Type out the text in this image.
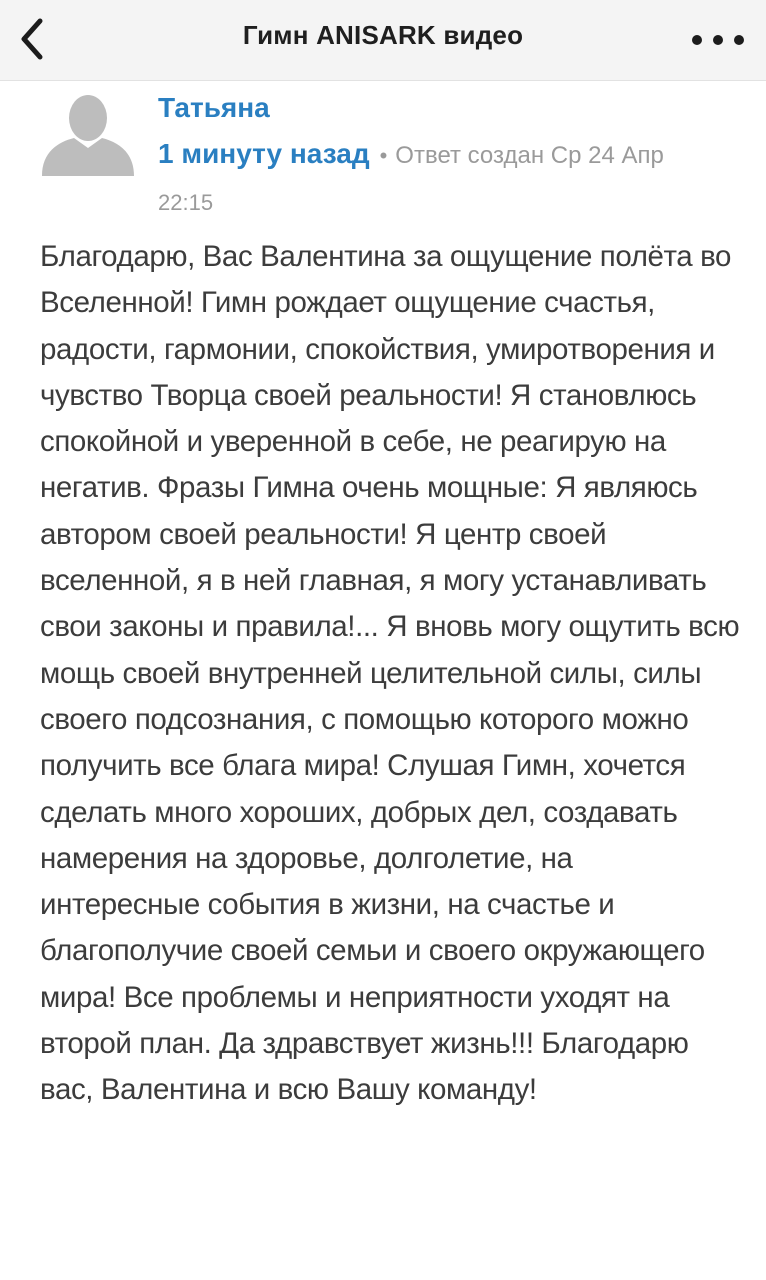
Гимн ANISARK видео
Татьяна
1 минуту назад • Ответ создан Ср 24 Апр
22:15
Благодарю, Вас Валентина за ощущение полёта во Вселенной! Гимн рождает ощущение счастья, радости, гармонии, спокойствия, умиротворения и чувство Творца своей реальности! Я становлюсь спокойной и уверенной в себе, не реагирую на негатив. Фразы Гимна очень мощные: Я являюсь автором своей реальности! Я центр своей вселенной, я в ней главная, я могу устанавливать свои законы и правила!... Я вновь могу ощутить всю мощь своей внутренней целительной силы, силы своего подсознания, с помощью которого можно получить все блага мира! Слушая Гимн, хочется сделать много хороших, добрых дел, создавать намерения на здоровье, долголетие, на интересные события в жизни, на счастье и благополучие своей семьи и своего окружающего мира! Все проблемы и неприятности уходят на второй план. Да здравствует жизнь!!! Благодарю вас, Валентина и всю Вашу команду!
